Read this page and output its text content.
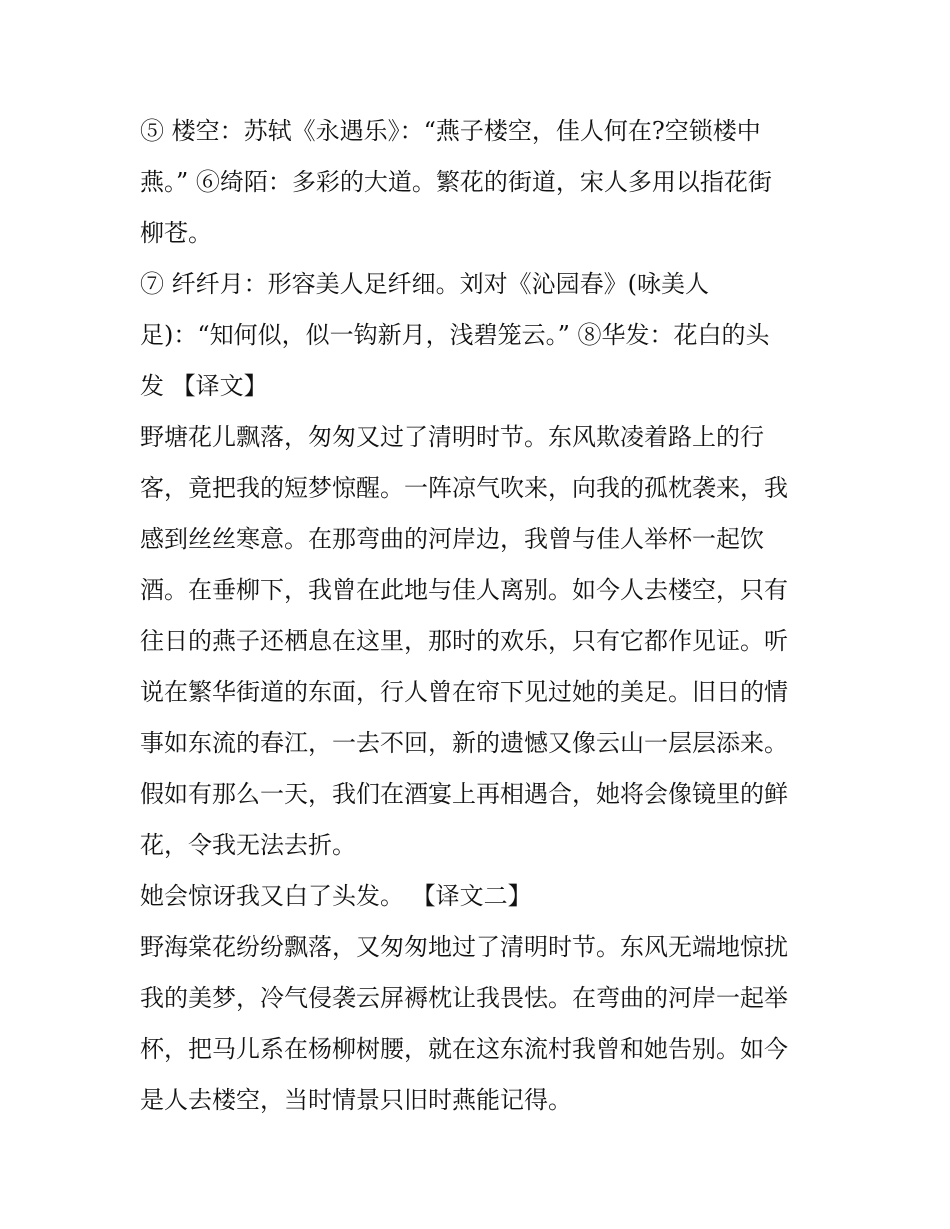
⑤ 楼空：苏轼《永遇乐》：“燕子楼空，佳人何在?空锁楼中
燕。” ⑥绮陌：多彩的大道。繁花的街道，宋人多用以指花街
柳苍。
⑦ 纤纤月：形容美人足纤细。刘对《沁园春》(咏美人
足)：“知何似，似一钩新月，浅碧笼云。” ⑧华发：花白的头
发 【译文】
野塘花儿飘落，匆匆又过了清明时节。东风欺凌着路上的行
客，竟把我的短梦惊醒。一阵凉气吹来，向我的孤枕袭来，我
感到丝丝寒意。在那弯曲的河岸边，我曾与佳人举杯一起饮
酒。在垂柳下，我曾在此地与佳人离别。如今人去楼空，只有
往日的燕子还栖息在这里，那时的欢乐，只有它都作见证。听
说在繁华街道的东面，行人曾在帘下见过她的美足。旧日的情
事如东流的春江，一去不回，新的遗憾又像云山一层层添来。
假如有那么一天，我们在酒宴上再相遇合，她将会像镜里的鲜
花，令我无法去折。
她会惊讶我又白了头发。 【译文二】
野海棠花纷纷飘落，又匆匆地过了清明时节。东风无端地惊扰
我的美梦，冷气侵袭云屏褥枕让我畏怯。在弯曲的河岸一起举
杯，把马儿系在杨柳树腰，就在这东流村我曾和她告别。如今
是人去楼空，当时情景只旧时燕能记得。
